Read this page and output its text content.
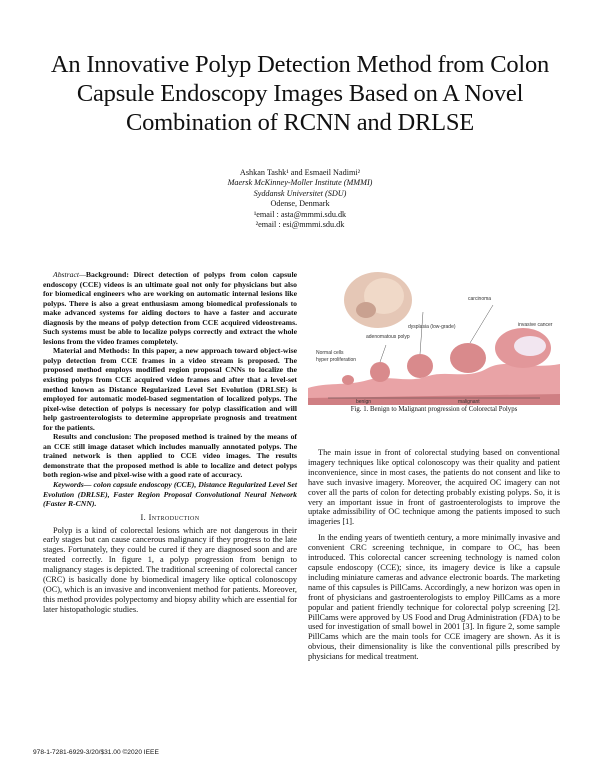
An Innovative Polyp Detection Method from Colon Capsule Endoscopy Images Based on A Novel Combination of RCNN and DRLSE
Ashkan Tashk¹ and Esmaeil Nadimi²
Maersk McKinney-Moller Institute (MMMI)
Syddansk Universitet (SDU)
Odense, Denmark
¹email : asta@mmmi.sdu.dk
²email : esi@mmmi.sdu.dk

Abstract—Background: Direct detection of polyps from colon capsule endoscopy (CCE) videos is an ultimate goal not only for physicians but also for biomedical engineers who are working on automatic internal lesions like polyps. There is also a great enthusiasm among biomedical professionals to make advanced systems for aiding doctors to have a faster and accurate diagnosis by the means of polyp detection from CCE acquired videostreams. Such systems must be able to localize polyps correctly and extract the whole lesions from the video frames completely.

Material and Methods: In this paper, a new approach toward object-wise polyp detection from CCE frames in a video stream is proposed. The proposed method employs modified region proposal CNNs to localize the existing polyps from CCE acquired video frames and after that a level-set method known as Distance Regularized Level Set Evolution (DRLSE) is employed for automatic model-based segmentation of localized polyps. The pixel-wise detection of polyps is necessary for polyp classification and will help gastroenterologists to determine appropriate prognosis and treatment for the patients.

Results and conclusion: The proposed method is trained by the means of an CCE still image dataset which includes manually annotated polyps. The trained network is then applied to CCE video images. The results demonstrate that the proposed method is able to localize and detect polyps both region-wise and pixel-wise with a good rate of accuracy.

Keywords— colon capsule endoscopy (CCE), Distance Regularized Level Set Evolution (DRLSE), Faster Region Proposal Convolutional Neural Network (Faster R-CNN).

I. Introduction

Polyp is a kind of colorectal lesions which are not dangerous in their early stages but can cause cancerous malignancy if they progress to the late stages. Fortunately, they could be cured if they are diagnosed soon and are treated correctly. In figure 1, a polyp progression from benign to malignancy stages is depicted. The traditional screening of colorectal cancer (CRC) is basically done by biomedical imagery like optical colonoscopy (OC), which is an invasive and inconvenient method for patients. Moreover, this method provides polypectomy and biopsy ability which are essential for later histopathologic studies.

Normal cells
hyper proliferation
adenomatous polyp
dysplasia (low-grade)
carcinoma
invasive cancer
benign	malignant
Fig. 1. Benign to Malignant progression of Colorectal Polyps

The main issue in front of colorectal studying based on conventional imagery techniques like optical colonoscopy was their quality and patient inconvenience, since in most cases, the patients do not consent and like to have such invasive imagery. Moreover, the acquired OC imagery can not cover all the parts of colon for detecting probably existing polyps. So, it is very an important issue in front of gastroenterologists to improve the uptake admissibility of OC technique among the patients imposed to such imageries [1].

In the ending years of twentieth century, a more minimally invasive and convenient CRC screening technique, in compare to OC, has been introduced. This colorectal cancer screening technology is named colon capsule endoscopy (CCE); since, its imagery device is like a capsule including miniature cameras and advance electronic boards. The marketing name of this capsules is PillCams. Accordingly, a new horizon was open in front of physicians and gastroenterologists to employ PillCams as a more popular and patient friendly technique for colorectal polyp screening [2]. PillCams were approved by US Food and Drug Administration (FDA) to be used for investigation of small bowel in 2001 [3]. In figure 2, some sample PillCams which are the main tools for CCE imagery are shown. As it is obvious, their dimensionality is like the conventional pills prescribed by physicians for medical treatment.

978-1-7281-6929-3/20/$31.00 ©2020 IEEE
